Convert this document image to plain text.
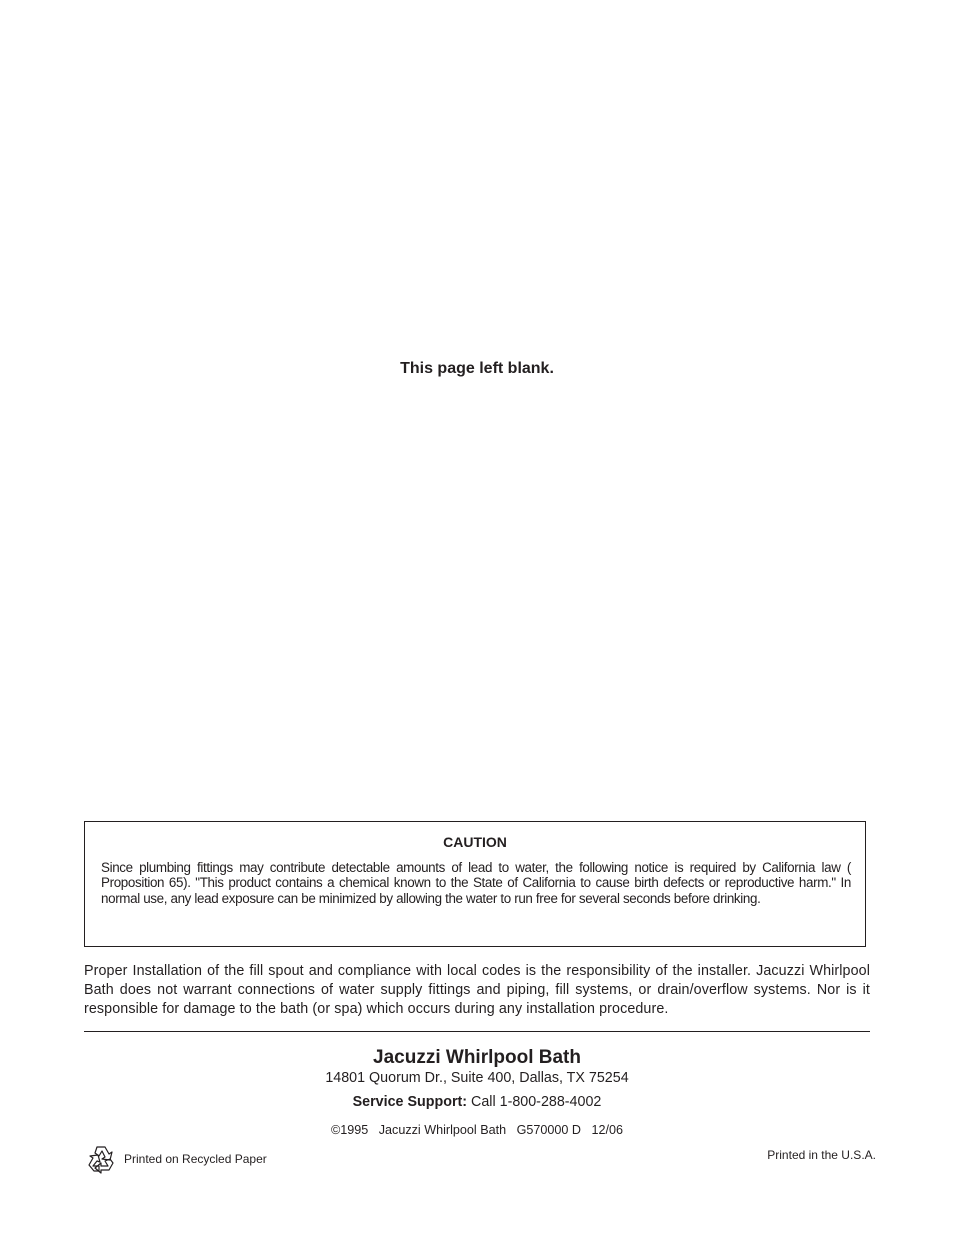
This page left blank.
CAUTION
Since plumbing fittings may contribute detectable amounts of lead to water, the following notice is required by California law ( Proposition 65). "This product contains a chemical known to the State of California to cause birth defects or reproductive harm." In normal use, any lead exposure can be minimized by allowing the water to run free for several seconds before drinking.
Proper Installation of the fill spout and compliance with local codes is the responsibility of the installer. Jacuzzi Whirlpool Bath does not warrant connections of water supply fittings and piping, fill systems, or drain/overflow systems. Nor is it responsible for damage to the bath (or spa) which occurs during any installation procedure.
Jacuzzi Whirlpool Bath
14801 Quorum Dr., Suite 400, Dallas, TX 75254
Service Support: Call 1-800-288-4002
©1995   Jacuzzi Whirlpool Bath   G570000 D   12/06
Printed on Recycled Paper	Printed in the U.S.A.
